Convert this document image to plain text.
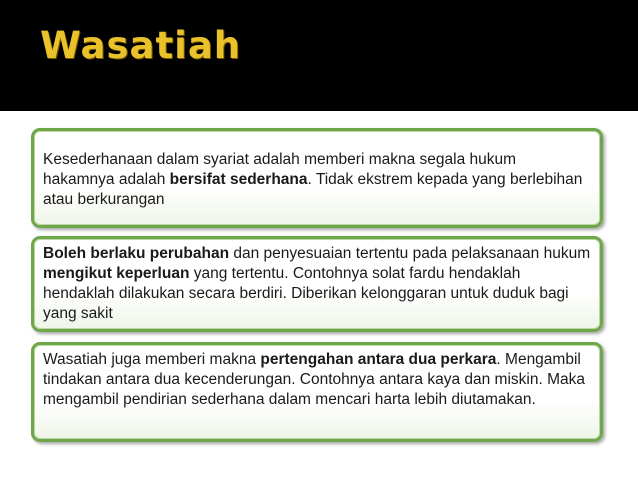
Wasatiah
Kesederhanaan dalam syariat adalah memberi makna segala hukum hakamnya adalah bersifat sederhana. Tidak ekstrem kepada yang berlebihan atau berkurangan
Boleh berlaku perubahan dan penyesuaian tertentu pada pelaksanaan hukum mengikut keperluan yang tertentu. Contohnya solat fardu hendaklah hendaklah dilakukan secara berdiri. Diberikan kelonggaran untuk duduk bagi yang sakit
Wasatiah juga memberi makna pertengahan antara dua perkara. Mengambil tindakan antara dua kecenderungan. Contohnya antara kaya dan miskin. Maka mengambil pendirian sederhana dalam mencari harta lebih diutamakan.
